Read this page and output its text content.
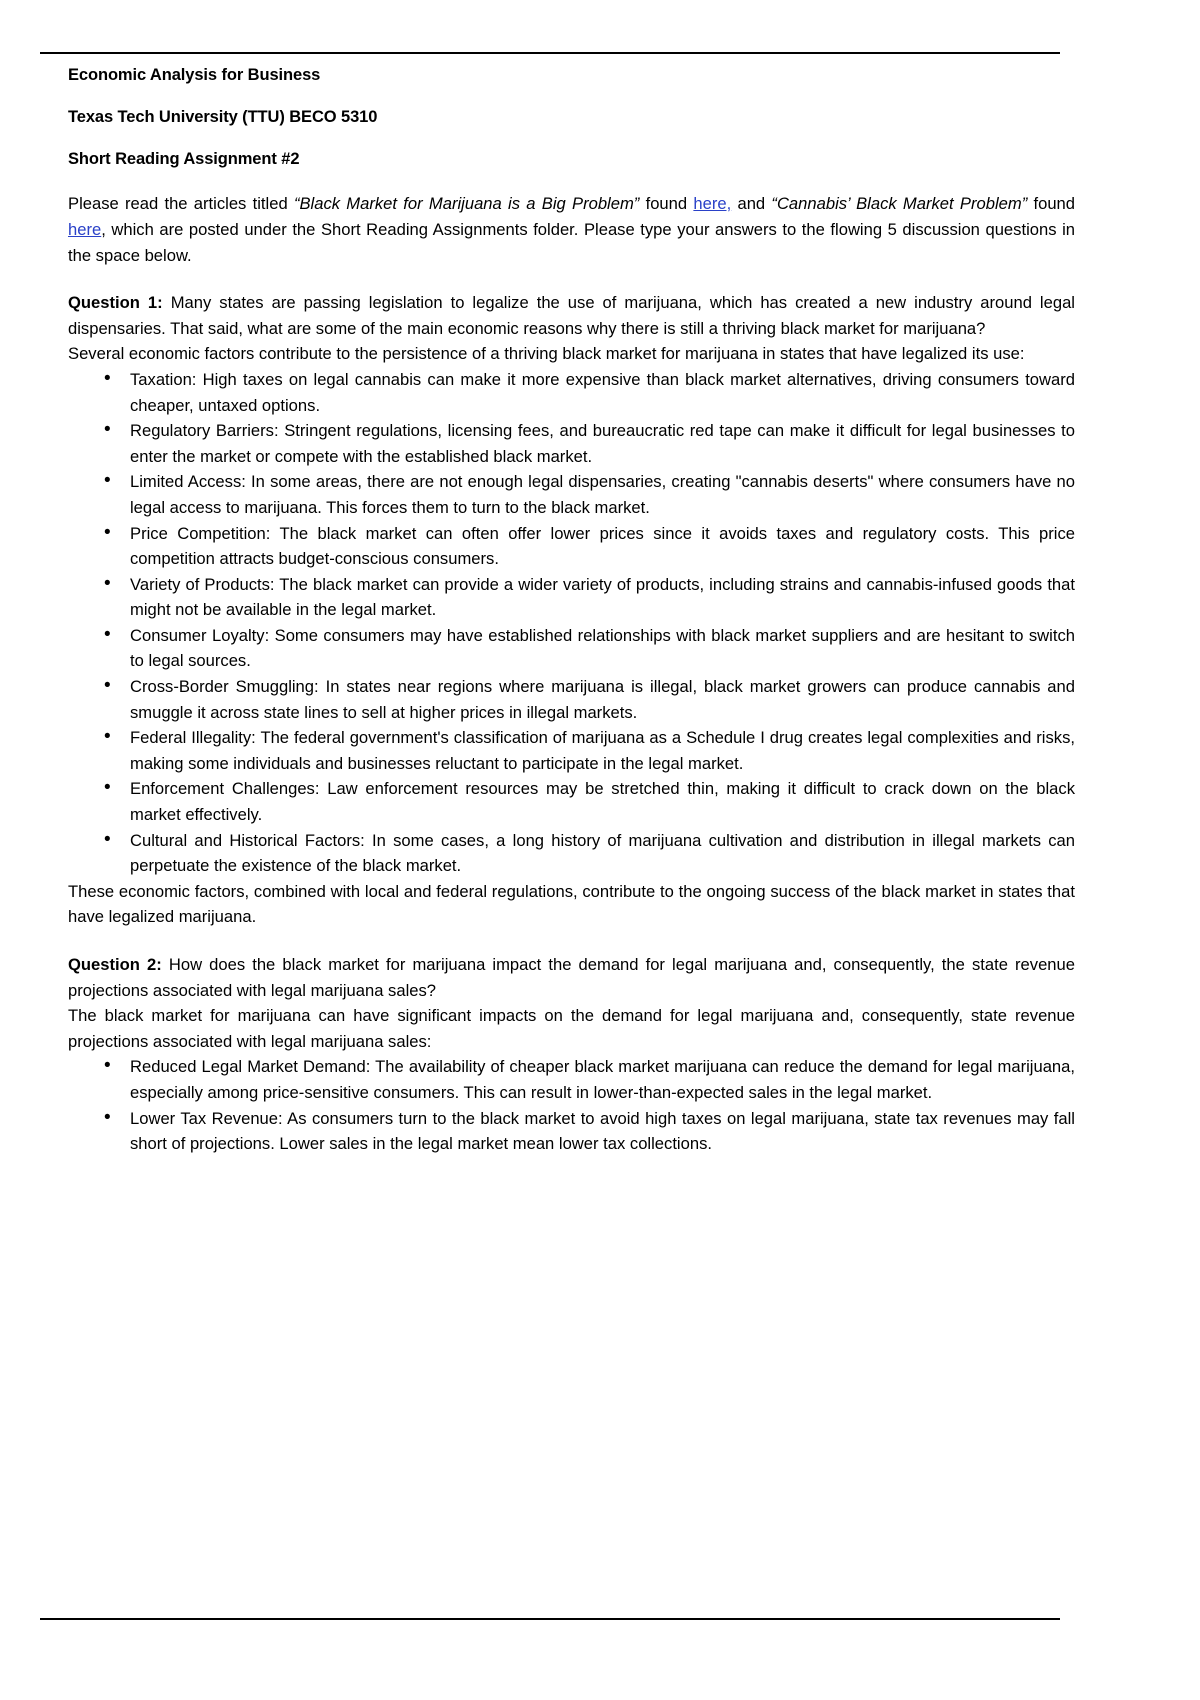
Economic Analysis for Business
Texas Tech University (TTU) BECO 5310
Short Reading Assignment #2

Please read the articles titled “Black Market for Marijuana is a Big Problem” found here, and “Cannabis’ Black Market Problem” found here, which are posted under the Short Reading Assignments folder. Please type your answers to the flowing 5 discussion questions in the space below.

Question 1: Many states are passing legislation to legalize the use of marijuana, which has created a new industry around legal dispensaries. That said, what are some of the main economic reasons why there is still a thriving black market for marijuana?

Several economic factors contribute to the persistence of a thriving black market for marijuana in states that have legalized its use:

• Taxation: High taxes on legal cannabis can make it more expensive than black market alternatives, driving consumers toward cheaper, untaxed options.
• Regulatory Barriers: Stringent regulations, licensing fees, and bureaucratic red tape can make it difficult for legal businesses to enter the market or compete with the established black market.
• Limited Access: In some areas, there are not enough legal dispensaries, creating "cannabis deserts" where consumers have no legal access to marijuana. This forces them to turn to the black market.
• Price Competition: The black market can often offer lower prices since it avoids taxes and regulatory costs. This price competition attracts budget-conscious consumers.
• Variety of Products: The black market can provide a wider variety of products, including strains and cannabis-infused goods that might not be available in the legal market.
• Consumer Loyalty: Some consumers may have established relationships with black market suppliers and are hesitant to switch to legal sources.
• Cross-Border Smuggling: In states near regions where marijuana is illegal, black market growers can produce cannabis and smuggle it across state lines to sell at higher prices in illegal markets.
• Federal Illegality: The federal government's classification of marijuana as a Schedule I drug creates legal complexities and risks, making some individuals and businesses reluctant to participate in the legal market.
• Enforcement Challenges: Law enforcement resources may be stretched thin, making it difficult to crack down on the black market effectively.
• Cultural and Historical Factors: In some cases, a long history of marijuana cultivation and distribution in illegal markets can perpetuate the existence of the black market.

These economic factors, combined with local and federal regulations, contribute to the ongoing success of the black market in states that have legalized marijuana.

Question 2: How does the black market for marijuana impact the demand for legal marijuana and, consequently, the state revenue projections associated with legal marijuana sales?

The black market for marijuana can have significant impacts on the demand for legal marijuana and, consequently, state revenue projections associated with legal marijuana sales:

• Reduced Legal Market Demand: The availability of cheaper black market marijuana can reduce the demand for legal marijuana, especially among price-sensitive consumers. This can result in lower-than-expected sales in the legal market.
• Lower Tax Revenue: As consumers turn to the black market to avoid high taxes on legal marijuana, state tax revenues may fall short of projections. Lower sales in the legal market mean lower tax collections.
